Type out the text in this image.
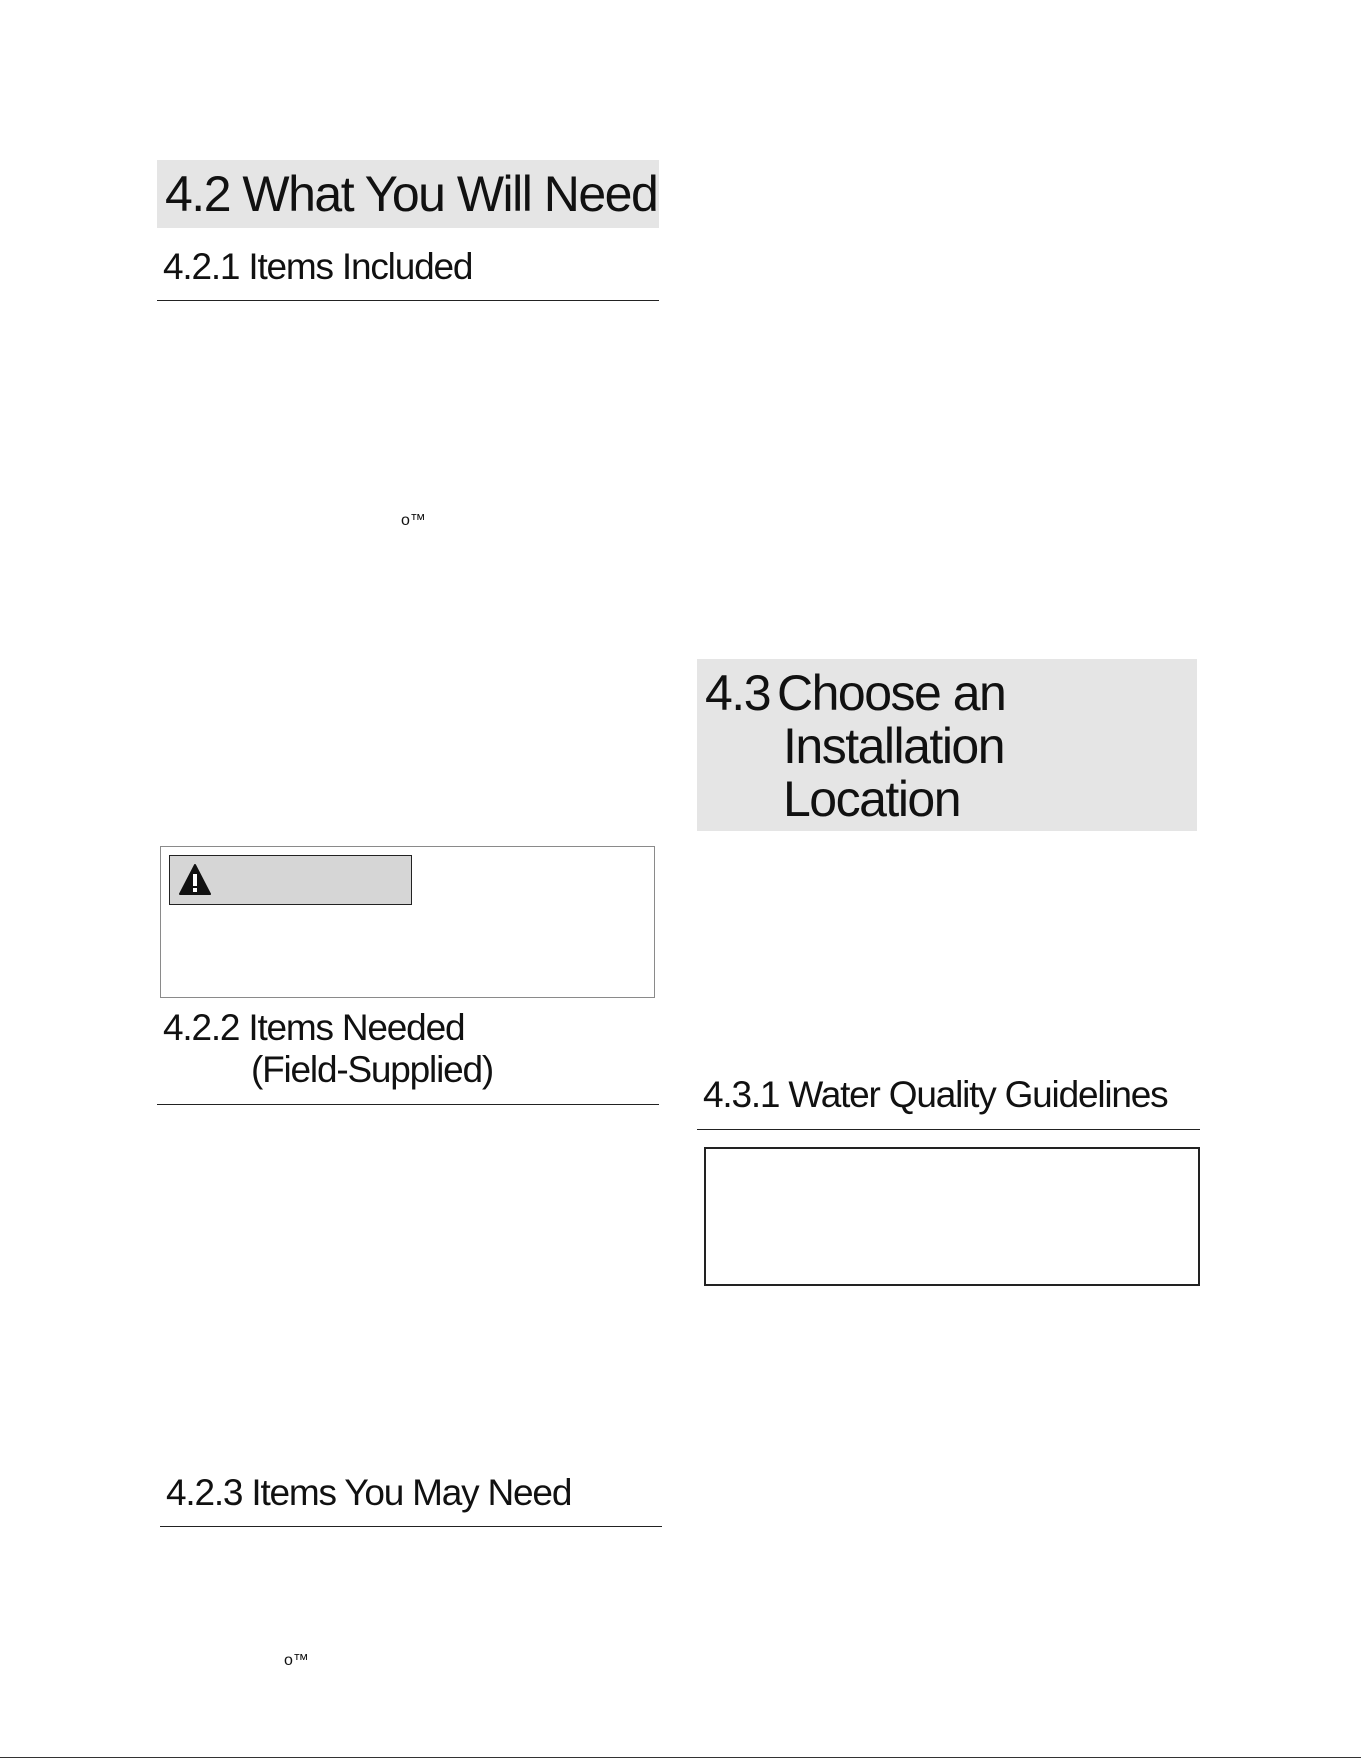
4.2 What You Will Need
4.2.1 Items Included
o™
4.2.2 Items Needed
(Field-Supplied)
4.2.3 Items You May Need
o™
4.3 Choose an
Installation
Location
4.3.1 Water Quality Guidelines
